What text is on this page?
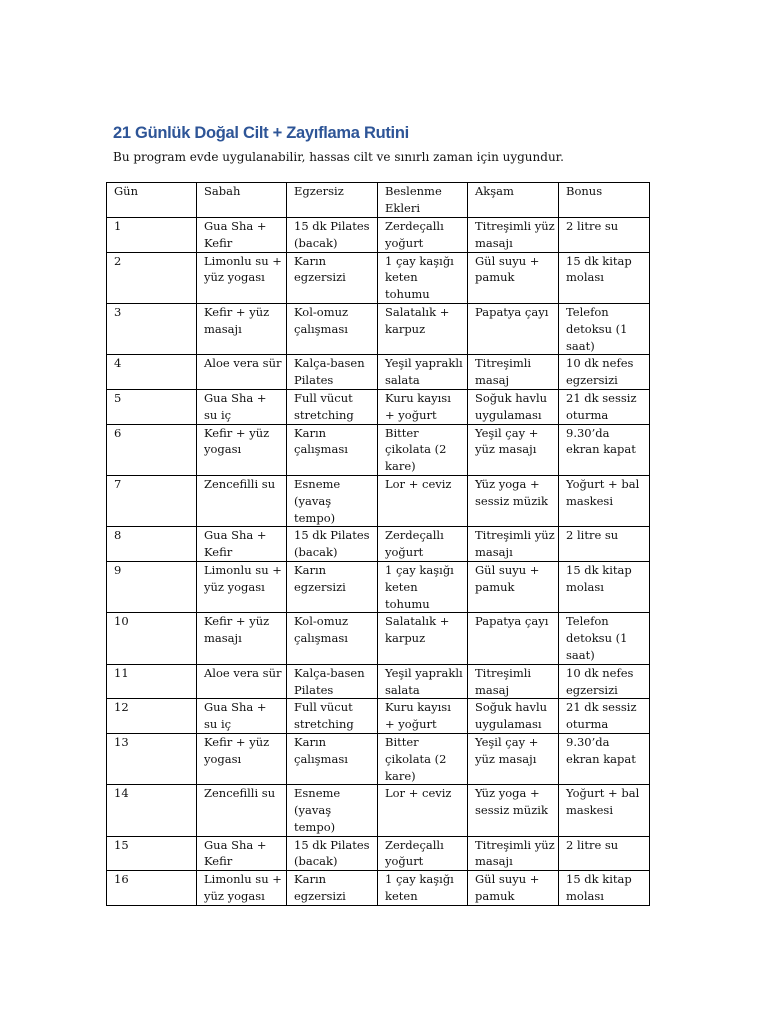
21 Günlük Doğal Cilt + Zayıflama Rutini
Bu program evde uygulanabilir, hassas cilt ve sınırlı zaman için uygundur.
Gün	Sabah	Egzersiz	Beslenme Ekleri	Akşam	Bonus
1	Gua Sha + Kefir	15 dk Pilates (bacak)	Zerdeçallı yoğurt	Titreşimli yüz masajı	2 litre su
2	Limonlu su + yüz yogası	Karın egzersizi	1 çay kaşığı keten tohumu	Gül suyu + pamuk	15 dk kitap molası
3	Kefir + yüz masajı	Kol-omuz çalışması	Salatalık + karpuz	Papatya çayı	Telefon detoksu (1 saat)
4	Aloe vera sür	Kalça-basen Pilates	Yeşil yapraklı salata	Titreşimli masaj	10 dk nefes egzersizi
5	Gua Sha + su iç	Full vücut stretching	Kuru kayısı + yoğurt	Soğuk havlu uygulaması	21 dk sessiz oturma
6	Kefir + yüz yogası	Karın çalışması	Bitter çikolata (2 kare)	Yeşil çay + yüz masajı	9.30’da ekran kapat
7	Zencefilli su	Esneme (yavaş tempo)	Lor + ceviz	Yüz yoga + sessiz müzik	Yoğurt + bal maskesi
8	Gua Sha + Kefir	15 dk Pilates (bacak)	Zerdeçallı yoğurt	Titreşimli yüz masajı	2 litre su
9	Limonlu su + yüz yogası	Karın egzersizi	1 çay kaşığı keten tohumu	Gül suyu + pamuk	15 dk kitap molası
10	Kefir + yüz masajı	Kol-omuz çalışması	Salatalık + karpuz	Papatya çayı	Telefon detoksu (1 saat)
11	Aloe vera sür	Kalça-basen Pilates	Yeşil yapraklı salata	Titreşimli masaj	10 dk nefes egzersizi
12	Gua Sha + su iç	Full vücut stretching	Kuru kayısı + yoğurt	Soğuk havlu uygulaması	21 dk sessiz oturma
13	Kefir + yüz yogası	Karın çalışması	Bitter çikolata (2 kare)	Yeşil çay + yüz masajı	9.30’da ekran kapat
14	Zencefilli su	Esneme (yavaş tempo)	Lor + ceviz	Yüz yoga + sessiz müzik	Yoğurt + bal maskesi
15	Gua Sha + Kefir	15 dk Pilates (bacak)	Zerdeçallı yoğurt	Titreşimli yüz masajı	2 litre su
16	Limonlu su + yüz yogası	Karın egzersizi	1 çay kaşığı keten	Gül suyu + pamuk	15 dk kitap molası
